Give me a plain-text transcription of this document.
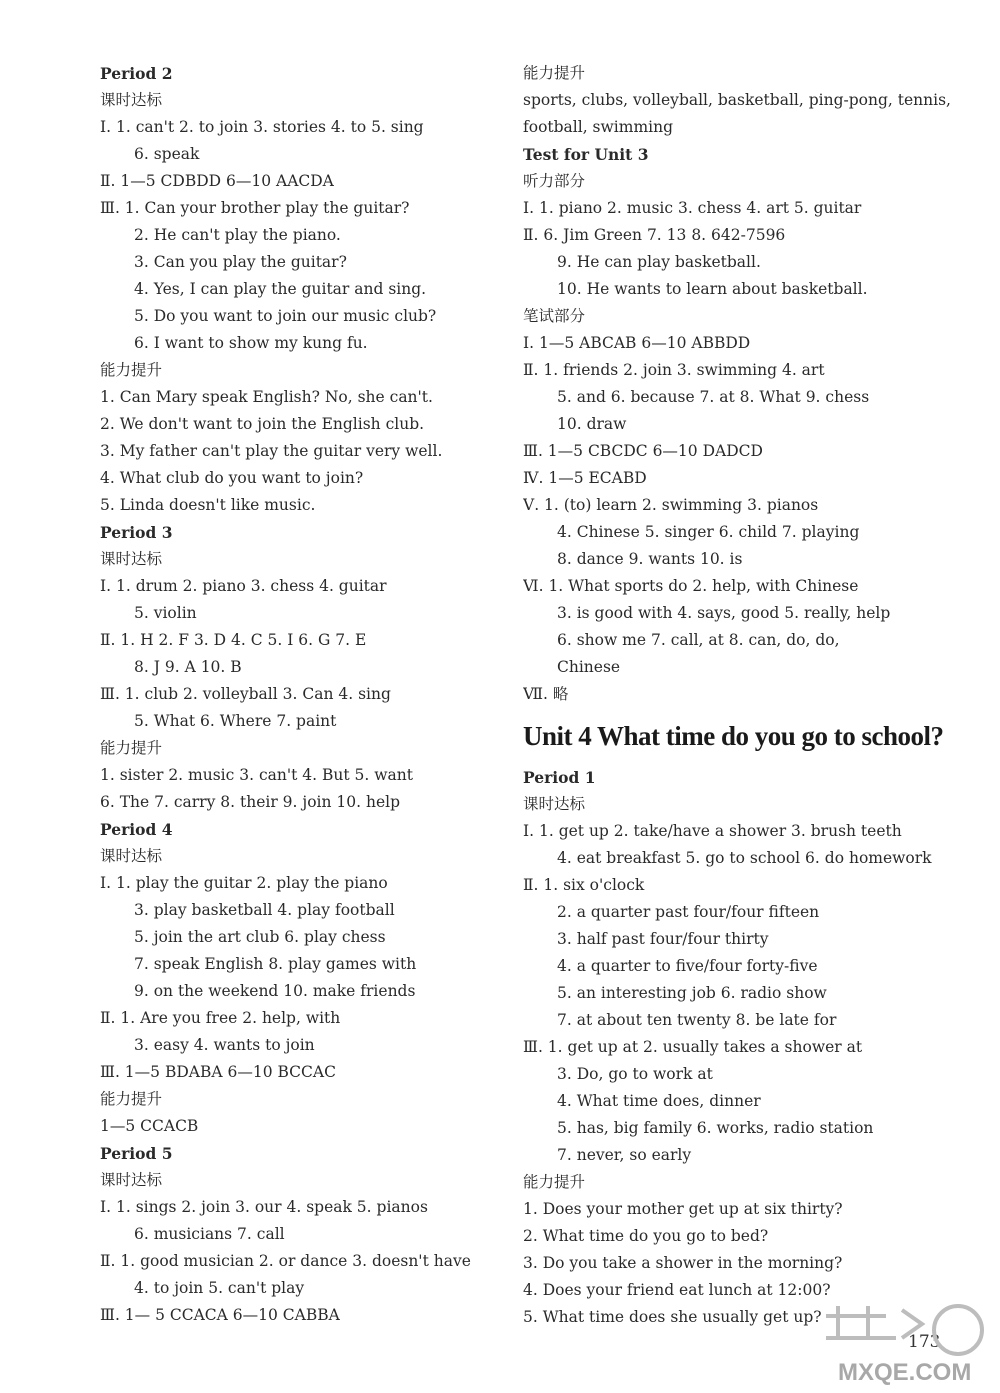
Period 2
课时达标
Ⅰ. 1. can't 2. to join 3. stories 4. to 5. sing
6. speak
Ⅱ. 1—5 CDBDD 6—10 AACDA
Ⅲ. 1. Can your brother play the guitar?
2. He can't play the piano.
3. Can you play the guitar?
4. Yes, I can play the guitar and sing.
5. Do you want to join our music club?
6. I want to show my kung fu.
能力提升
1. Can Mary speak English? No, she can't.
2. We don't want to join the English club.
3. My father can't play the guitar very well.
4. What club do you want to join?
5. Linda doesn't like music.
Period 3
课时达标
Ⅰ. 1. drum 2. piano 3. chess 4. guitar
5. violin
Ⅱ. 1. H 2. F 3. D 4. C 5. I 6. G 7. E
8. J 9. A 10. B
Ⅲ. 1. club 2. volleyball 3. Can 4. sing
5. What 6. Where 7. paint
能力提升
1. sister 2. music 3. can't 4. But 5. want
6. The 7. carry 8. their 9. join 10. help
Period 4
课时达标
Ⅰ. 1. play the guitar 2. play the piano
3. play basketball 4. play football
5. join the art club 6. play chess
7. speak English 8. play games with
9. on the weekend 10. make friends
Ⅱ. 1. Are you free 2. help, with
3. easy 4. wants to join
Ⅲ. 1—5 BDABA 6—10 BCCAC
能力提升
1—5 CCACB
Period 5
课时达标
Ⅰ. 1. sings 2. join 3. our 4. speak 5. pianos
6. musicians 7. call
Ⅱ. 1. good musician 2. or dance 3. doesn't have
4. to join 5. can't play
Ⅲ. 1— 5 CCACA 6—10 CABBA
能力提升
sports, clubs, volleyball, basketball, ping-pong, tennis,
football, swimming
Test for Unit 3
听力部分
Ⅰ. 1. piano 2. music 3. chess 4. art 5. guitar
Ⅱ. 6. Jim Green 7. 13 8. 642-7596
9. He can play basketball.
10. He wants to learn about basketball.
笔试部分
Ⅰ. 1—5 ABCAB 6—10 ABBDD
Ⅱ. 1. friends 2. join 3. swimming 4. art
5. and 6. because 7. at 8. What 9. chess
10. draw
Ⅲ. 1—5 CBCDC 6—10 DADCD
Ⅳ. 1—5 ECABD
Ⅴ. 1. (to) learn 2. swimming 3. pianos
4. Chinese 5. singer 6. child 7. playing
8. dance 9. wants 10. is
Ⅵ. 1. What sports do 2. help, with Chinese
3. is good with 4. says, good 5. really, help
6. show me 7. call, at 8. can, do, do,
Chinese
Ⅶ. 略
Unit 4 What time do you go to school?
Period 1
课时达标
Ⅰ. 1. get up 2. take/have a shower 3. brush teeth
4. eat breakfast 5. go to school 6. do homework
Ⅱ. 1. six o'clock
2. a quarter past four/four fifteen
3. half past four/four thirty
4. a quarter to five/four forty-five
5. an interesting job 6. radio show
7. at about ten twenty 8. be late for
Ⅲ. 1. get up at 2. usually takes a shower at
3. Do, go to work at
4. What time does, dinner
5. has, big family 6. works, radio station
7. never, so early
能力提升
1. Does your mother get up at six thirty?
2. What time do you go to bed?
3. Do you take a shower in the morning?
4. Does your friend eat lunch at 12:00?
5. What time does she usually get up?
173
MXQE.COM
